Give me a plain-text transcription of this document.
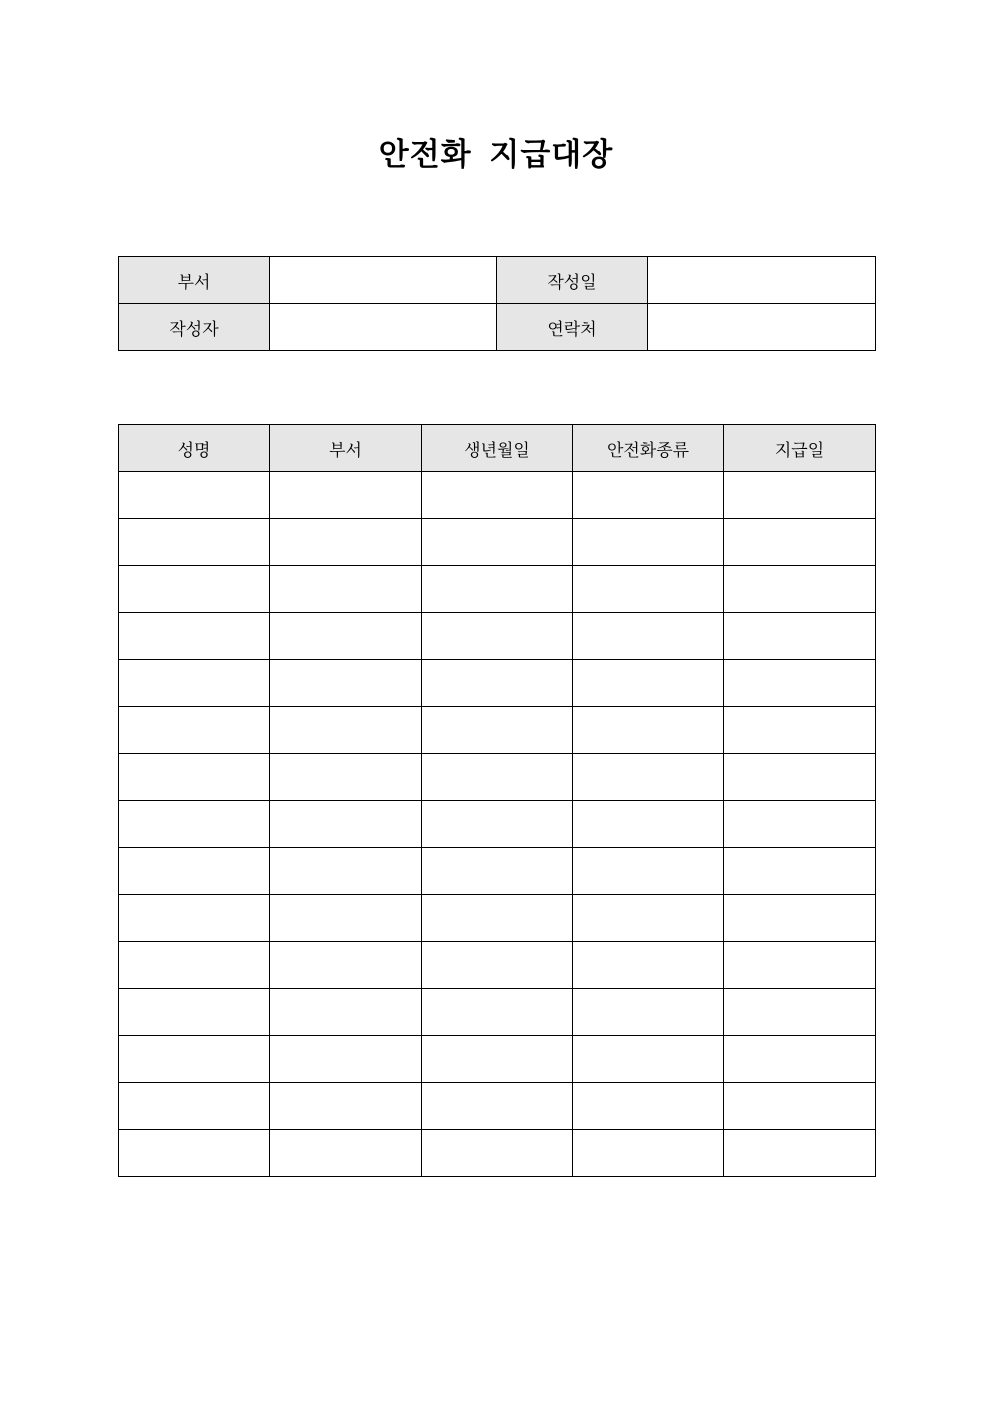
안전화 지급대장
부서		작성일	
작성자		연락처	
성명	부서	생년월일	안전화종류	지급일
